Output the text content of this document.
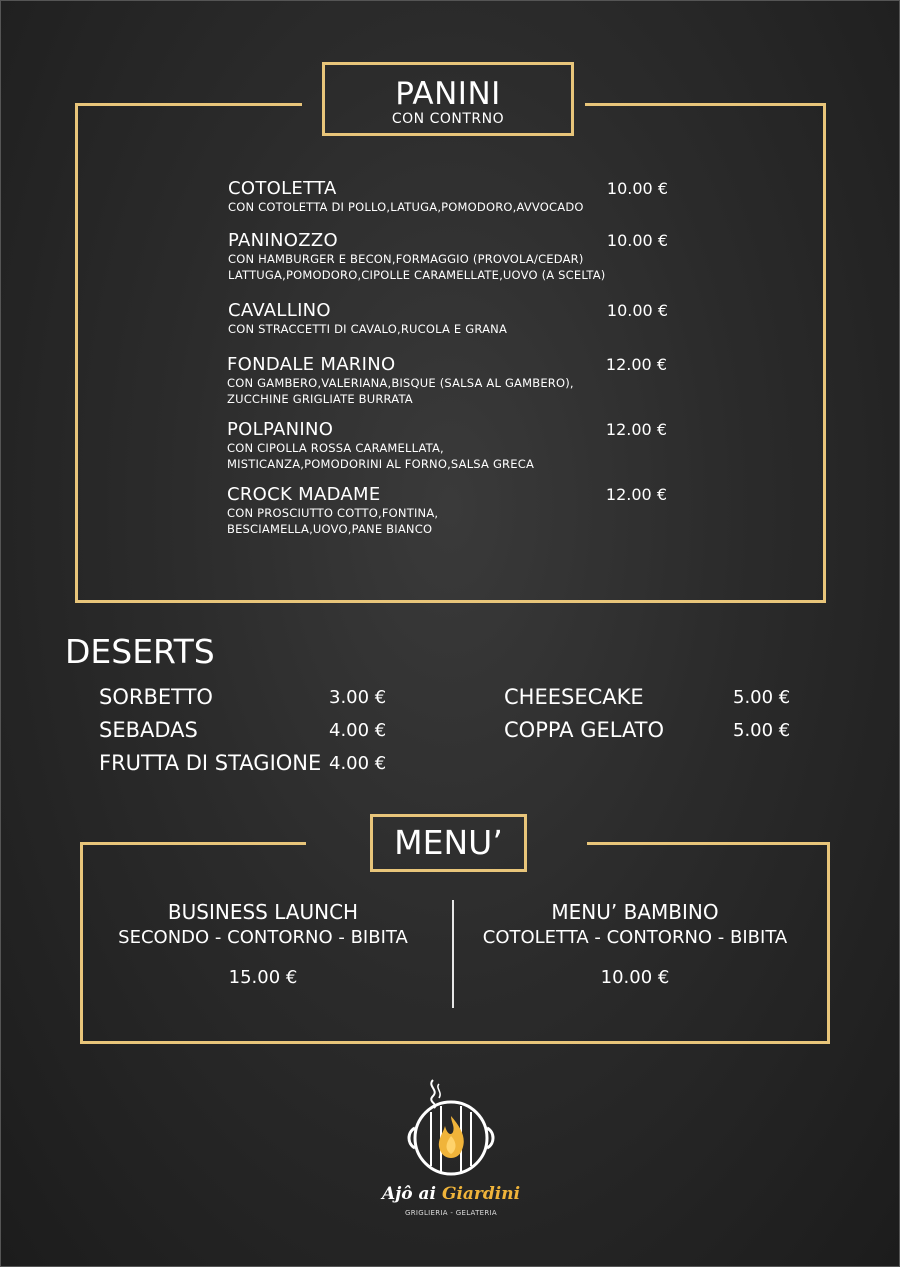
PANINI
CON CONTRNO
COTOLETTA	10.00 €
CON COTOLETTA DI POLLO,LATUGA,POMODORO,AVVOCADO
PANINOZZO	10.00 €
CON HAMBURGER E BECON,FORMAGGIO (PROVOLA/CEDAR)
LATTUGA,POMODORO,CIPOLLE CARAMELLATE,UOVO (A SCELTA)
CAVALLINO	10.00 €
CON STRACCETTI DI CAVALO,RUCOLA E GRANA
FONDALE MARINO	12.00 €
CON GAMBERO,VALERIANA,BISQUE (SALSA AL GAMBERO),
ZUCCHINE GRIGLIATE BURRATA
POLPANINO	12.00 €
CON CIPOLLA ROSSA CARAMELLATA,
MISTICANZA,POMODORINI AL FORNO,SALSA GRECA
CROCK MADAME	12.00 €
CON PROSCIUTTO COTTO,FONTINA,
BESCIAMELLA,UOVO,PANE BIANCO
DESERTS
SORBETTO	3.00 €
SEBADAS	4.00 €
FRUTTA DI STAGIONE 4.00 €
CHEESECAKE	5.00 €
COPPA GELATO	5.00 €
MENU’
BUSINESS LAUNCH
SECONDO - CONTORNO - BIBITA
15.00 €
MENU’ BAMBINO
COTOLETTA - CONTORNO - BIBITA
10.00 €
Ajô ai Giardini
GRIGLIERIA - GELATERIA
